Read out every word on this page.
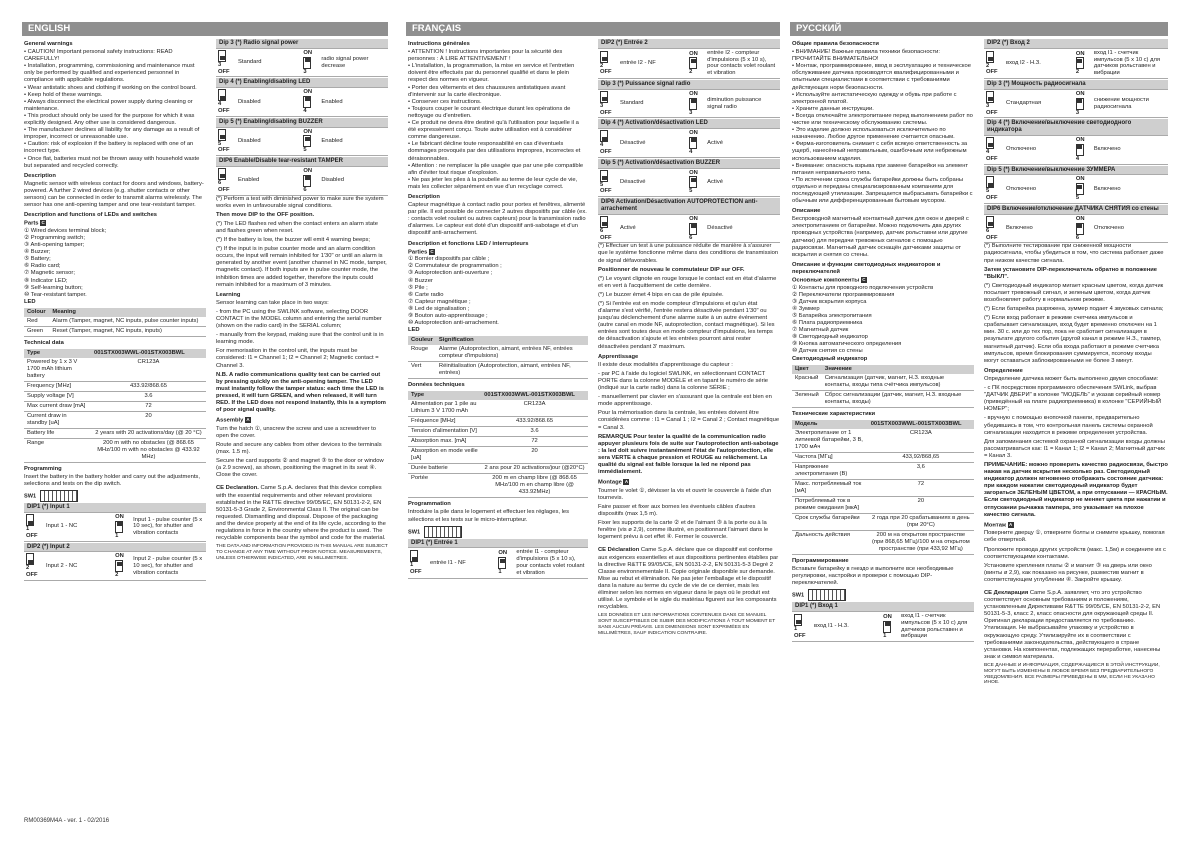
ENGLISH
General warnings
• CAUTION! Important personal safety instructions: READ CAREFULLY!
• Installation, programming, commissioning and maintenance must only be performed by qualified and experienced personnel in compliance with applicable regulations.
• Wear antistatic shoes and clothing if working on the control board.
• Keep hold of these warnings.
• Always disconnect the electrical power supply during cleaning or maintenance.
• This product should only be used for the purpose for which it was explicitly designed. Any other use is considered dangerous.
• The manufacturer declines all liability for any damage as a result of improper, incorrect or unreasonable use.
• Caution: risk of explosion if the battery is replaced with one of an incorrect type.
• Once flat, batteries must not be thrown away with household waste but separated and recycled correctly.
Description
Magnetic sensor with wireless contact for doors and windows, battery-powered. A further 2 wired devices (e.g. shutter contacts or other sensors) can be connected in order to transmit alarms wirelessly. The sensor has one anti-opening tamper and one tear-resistant tamper.
Description and functions of LEDs and switches
Parts C
① Wired devices terminal block;
② Programming switch;
③ Anti-opening tamper;
④ Buzzer;
⑤ Battery;
⑥ Radio card;
⑦ Magnetic sensor;
⑧ Indicator LED;
⑨ Self-learning button;
⑩ Tear-resistant tamper.
LED
Colour	Meaning
Red	Alarm (Tamper, magnet, NC inputs, pulse counter inputs)
Green	Reset (Tamper, magnet, NC inputs, inputs)
Technical data
Type	001STX003WWL-001STX003BWL
Powered by 1 x 3 V 1700 mAh lithium battery	CR123A
Frequency [MHz]	433.92/868.65
Supply voltage [V]	3.6
Max current draw [mA]	72
Current draw in standby [uA]	20
Battery life	2 years with 20 activations/day (@ 20 °C)
Range	200 m with no obstacles (@ 868.65 MHz/100 m with no obstacles @ 433.92 MHz)
Programming
Insert the battery in the battery holder and carry out the adjustments, selections and tests on the dip switch.
SW1
DIP1 (*) Input 1

1 OFF	Input 1 - NC	ON

1	Input 1 - pulse counter (5 x 10 sec), for shutter and vibration contacts
DIP2 (*) Input 2

2 OFF	Input 2 - NC	ON

2	Input 2 - pulse counter (5 x 10 sec), for shutter and vibration contacts
Dip 3 (*) Radio signal power

3 OFF	Standard	ON

3	radio signal power decrease
Dip 4 (*) Enabling/disabling LED

4 OFF	Disabled	ON

4	Enabled
Dip 5 (*) Enabling/disabling BUZZER

5 OFF	Disabled	ON

5	Enabled
DIP6 Enable/Disable tear-resistant TAMPER

6 OFF	Enabled	ON

6	Disabled
(*) Perform a test with diminished power to make sure the system works even in unfavourable signal conditions.
Then move DIP to the OFF position.
(*) The LED flashes red when the contact enters an alarm state and flashes green when reset.
(*) If the battery is low, the buzzer will emit 4 warning beeps;
(*) If the input is in pulse counter mode and an alarm condition occurs, the input will remain inhibited for 1'30" or until an alarm is generated by another event (another channel in NC mode, tamper, magnetic contact). If both inputs are in pulse counter mode, the inhibition times are added together, therefore the inputs could remain inhibited for a maximum of 3 minutes.
Learning
Sensor learning can take place in two ways:
- from the PC using the SWLINK software, selecting DOOR CONTACT in the MODEL column and entering the serial number (shown on the radio card) in the SERIAL column;
- manually from the keypad, making sure that the control unit is in learning mode.
For memorisation in the control unit, the inputs must be considered: I1 = Channel 1; I2 = Channel 2; Magnetic contact = Channel 3.
N.B. A radio communications quality test can be carried out by pressing quickly on the anti-opening tamper. The LED must instantly follow the tamper status: each time the LED is pressed, it will turn GREEN, and when released, it will turn RED. If the LED does not respond instantly, this is a symptom of poor signal quality.
Assembly A
Turn the hatch ①, unscrew the screw and use a screwdriver to open the cover.
Route and secure any cables from other devices to the terminals (max. 1.5 m).
Secure the card supports ② and magnet ③ to the door or window (a 2.9 screws), as shown, positioning the magnet in its seat ④. Close the cover.
CE Declaration. Came S.p.A. declares that this device complies with the essential requirements and other relevant provisions established in the R&TTE directive 99/05/EC, EN 50131-2-2, EN 50131-5-3 Grade 2, Environmental Class II. The original can be requested. Dismantling and disposal. Dispose of the packaging and the device properly at the end of its life cycle, according to the regulations in force in the country where the product is used. The recyclable components bear the symbol and code for the material.
THE DATA AND INFORMATION PROVIDED IN THIS MANUAL ARE SUBJECT TO CHANGE AT ANY TIME WITHOUT PRIOR NOTICE. MEASUREMENTS, UNLESS OTHERWISE INDICATED, ARE IN MILLIMETRES.
FRANÇAIS
Instructions générales
• ATTENTION ! Instructions importantes pour la sécurité des personnes : À LIRE ATTENTIVEMENT !
• L'installation, la programmation, la mise en service et l'entretien doivent être effectués par du personnel qualifié et dans le plein respect des normes en vigueur.
• Porter des vêtements et des chaussures antistatiques avant d'intervenir sur la carte électronique.
• Conserver ces instructions.
• Toujours couper le courant électrique durant les opérations de nettoyage ou d'entretien.
• Ce produit ne devra être destiné qu'à l'utilisation pour laquelle il a été expressément conçu. Toute autre utilisation est à considérer comme dangereuse.
• Le fabricant décline toute responsabilité en cas d'éventuels dommages provoqués par des utilisations impropres, incorrectes et déraisonnables.
• Attention : ne remplacer la pile usagée que par une pile compatible afin d'éviter tout risque d'explosion.
• Ne pas jeter les piles à la poubelle au terme de leur cycle de vie, mais les collecter séparément en vue d'un recyclage correct.
Description
Capteur magnétique à contact radio pour portes et fenêtres, alimenté par pile. Il est possible de connecter 2 autres dispositifs par câble (ex. : contacts volet roulant ou autres capteurs) pour la transmission radio d'alarmes. Le capteur est doté d'un dispositif anti-sabotage et d'un dispositif anti-arrachement.
Description et fonctions LED / interrupteurs
Parties C
① Bornier dispositifs par câble ;
② Commutateur de programmation ;
③ Autoprotection anti-ouverture ;
④ Buzzer
⑤ Pile ;
⑥ Carte radio
⑦ Capteur magnétique ;
⑧ Led de signalisation ;
⑨ Bouton auto-apprentissage ;
⑩ Autoprotection anti-arrachement.
LED
Couleur	Signification
Rouge	Alarme (Autoprotection, aimant, entrées NF, entrées compteur d'impulsions)
Vert	Réinitialisation (Autoprotection, aimant, entrées NF, entrées)
Données techniques
Type	001STX003WWL-001STX003BWL
Alimentation par 1 pile au Lithium 3 V 1700 mAh	CR123A
Fréquence [MHz]	433.92/868.65
Tension d'alimentation [V]	3.6
Absorption max. [mA]	72
Absorption en mode veille [uA]	20
Durée batterie	2 ans pour 20 activations/jour (@20°C)
Portée	200 m en champ libre (@ 868.65 MHz/100 m en champ libre (@ 433.92MHz)
Programmation
Introduire la pile dans le logement et effectuer les réglages, les sélections et les tests sur le micro-interrupteur.
SW1
DIP1 (*) Entrée 1

1 OFF	entrée I1 - NF	ON

1	entrée I1 - compteur d'impulsions (5 x 10 s), pour contacts volet roulant et vibration
DIP2 (*) Entrée 2

2 OFF	entrée I2 - NF	ON

2	entrée I2 - compteur d'impulsions (5 x 10 s), pour contacts volet roulant et vibration
Dip 3 (*) Puissance signal radio

3 OFF	Standard	ON

3	diminution puissance signal radio
Dip 4 (*) Activation/désactivation LED

4 OFF	Désactivé	ON

4	Activé
Dip 5 (*) Activation/désactivation BUZZER

5 OFF	Désactivé	ON

5	Activé
DIP6 Activation/Désactivation AUTOPROTECTION anti-arrachement

6 OFF	Activé	ON

6	Désactivé
(*) Effectuer un test à une puissance réduite de manière à s'assurer que le système fonctionne même dans des conditions de transmission de signal défavorables.
Positionner de nouveau le commutateur DIP sur OFF.
(*) Le voyant clignote en rouge lorsque le contact est en état d'alarme et en vert à l'acquittement de cette dernière.
(*) Le buzzer émet 4 bips en cas de pile épuisée.
(*) Si l'entrée est en mode compteur d'impulsions et qu'un état d'alarme s'est vérifié, l'entrée restera désactivée pendant 1'30" ou jusqu'au déclenchement d'une alarme suite à un autre événement (autre canal en mode NF, autoprotection, contact magnétique). Si les entrées sont toutes deux en mode compteur d'impulsions, les temps de désactivation s'ajoute et les entrées pourront ainsi rester désactivées pendant 3' maximum.
Apprentissage
Il existe deux modalités d'apprentissage du capteur :
- par PC à l'aide du logiciel SWLINK, en sélectionnant CONTACT PORTE dans la colonne MODÈLE et en tapant le numéro de série (indiqué sur la carte radio) dans la colonne SÉRIE ;
- manuellement par clavier en s'assurant que la centrale est bien en mode apprentissage.
Pour la mémorisation dans la centrale, les entrées doivent être considérées comme : I1 = Canal 1 ; I2 = Canal 2 ; Contact magnétique = Canal 3.
REMARQUE Pour tester la qualité de la communication radio appuyer plusieurs fois de suite sur l'autoprotection anti-sabotage : la led doit suivre instantanément l'état de l'autoprotection, elle sera VERTE à chaque pression et ROUGE au relâchement. La qualité du signal est faible lorsque la led ne répond pas immédiatement.
Montage A
Tourner le volet ①, dévisser la vis et ouvrir le couvercle à l'aide d'un tournevis.
Faire passer et fixer aux bornes les éventuels câbles d'autres dispositifs (max 1,5 m).
Fixer les supports de la carte ② et de l'aimant ③ à la porte ou à la fenêtre (vis ø 2,9), comme illustré, en positionnant l'aimant dans le logement prévu à cet effet ④. Fermer le couvercle.
CE Déclaration Came S.p.A. déclare que ce dispositif est conforme aux exigences essentielles et aux dispositions pertinentes établies par la directive R&TTE 99/05/CE, EN 50131-2-2, EN 50131-5-3 Degré 2 Classe environnementale II. Copie originale disponible sur demande. Mise au rebut et élimination. Ne pas jeter l'emballage et le dispositif dans la nature au terme du cycle de vie de ce dernier, mais les éliminer selon les normes en vigueur dans le pays où le produit est utilisé. Le symbole et le sigle du matériau figurent sur les composants recyclables.
LES DONNÉES ET LES INFORMATIONS CONTENUES DANS CE MANUEL SONT SUSCEPTIBLES DE SUBIR DES MODIFICATIONS À TOUT MOMENT ET SANS AUCUN PRÉAVIS. LES DIMENSIONS SONT EXPRIMÉES EN MILLIMÈTRES, SAUF INDICATION CONTRAIRE.
РУССКИЙ
Общие правила безопасности
• ВНИМАНИЕ! Важные правила техники безопасности: ПРОЧИТАЙТЕ ВНИМАТЕЛЬНО!
• Монтаж, программирование, ввод в эксплуатацию и техническое обслуживание датчика производятся квалифицированными и опытными специалистами в соответствии с требованиями действующих норм безопасности.
• Используйте антистатическую одежду и обувь при работе с электронной платой.
• Храните данные инструкции.
• Всегда отключайте электропитание перед выполнением работ по чистке или техническому обслуживанию системы.
• Это изделие должно использоваться исключительно по назначению. Любое другое применение считается опасным.
• Фирма-изготовитель снимает с себя всякую ответственность за ущерб, нанесённый неправильным, ошибочным или небрежным использованием изделия.
• Внимание: опасность взрыва при замене батарейки на элемент питания неправильного типа.
• По истечении срока службы батарейки должны быть собраны отдельно и переданы специализированным компаниям для последующей утилизации. Запрещается выбрасывать батарейки с обычным или дифференцированным бытовым мусором.
Описание
Беспроводной магнитный контактный датчик для окон и дверей с электропитанием от батарейки. Можно подключить два других проводных устройства (например, датчик рольставни или другие датчики) для передачи тревожных сигналов с помощью радиосвязи. Магнитный датчик оснащён датчиками защиты от вскрытия и снятия со стены.
Описание и функции светодиодных индикаторов и переключателей
Основные компоненты C
① Контакты для проводного подключения устройств
② Переключатели программирования
③ Датчик вскрытия корпуса
④ Зуммер
⑤ Батарейка электропитания
⑥ Плата радиоприемника
⑦ Магнитный датчик
⑧ Светодиодный индикатор
⑨ Кнопка автоматического определения
⑩ Датчик снятия со стены
Светодиодный индикатор
Цвет	Значение
Красный	Сигнализация (датчик, магнит, Н.З. входные контакты, входы типа счётчика импульсов)
Зеленый	Сброс сигнализации (датчик, магнит, Н.З. входные контакты, входы)
Технические характеристики
Модель	001STX003WWL-001STX003BWL
Электропитание от 1 литиевой батарейки, 3 В, 1700 мАч	CR123A
Частота [МГц]	433,92/868,65
Напряжение электропитания (В)	3,6
Макс. потребляемый ток [мА]	72
Потребляемый ток в режиме ожидания [мкА]	20
Срок службы батарейки	2 года при 20 срабатываниях в день (при 20°C)
Дальность действия	200 м на открытом пространстве (при 868,65 МГц)/100 м на открытом пространстве (при 433,92 МГц)
Программирование
Вставьте батарейку в гнездо и выполните все необходимые регулировки, настройки и проверки с помощью DIP-переключателей.
SW1
DIP1 (*) Вход 1

1 OFF	вход I1 - Н.З.	ON

1	вход I1 - счетчик импульсов (5 x 10 с) для датчиков рольставен и вибрации
DIP2 (*) Вход 2

2 OFF	вход I2 - Н.З.	ON

2	вход I1 - счетчик импульсов (5 x 10 с) для датчиков рольставен и вибрации
Dip 3 (*) Мощность радиосигнала

3 OFF	Стандартная	ON

3	снижение мощности радиосигнала
Dip 4 (*) Включение/выключение светодиодного индикатора

4 OFF	Отключено	ON

4	Включено
Dip 5 (*) Включение/выключение ЗУММЕРА

5 OFF	Отключено	ON

5	Включено
DIP6 Включение/отключение ДАТЧИКА СНЯТИЯ со стены

6 OFF	Включено	ON

6	Отключено
(*) Выполните тестирование при сниженной мощности радиосигнала, чтобы убедиться в том, что система работает даже при низком качестве сигнала.
Затем установите DIP-переключатель обратно в положение "ВЫКЛ".
(*) Светодиодный индикатор мигает красным цветом, когда датчик посылает тревожный сигнал, и зеленым цветом, когда датчик возобновляет работу в нормальном режиме.
(*) Если батарейка разряжена, зуммер подает 4 звуковых сигнала;
(*) Если вход работает в режиме счетчика импульсов и срабатывает сигнализация, вход будет временно отключен на 1 мин. 30 с. или до тех пор, пока не сработает сигнализация в результате другого события (другой канал в режиме Н.З., тампер, магнитный датчик). Если оба входа работают в режиме счетчика импульсов, время блокирования суммируется, поэтому входы могут оставаться заблокированными не более 3 минут.
Определение
Определение датчика может быть выполнено двумя способами:
- с ПК посредством программного обеспечения SWLink, выбрав "ДАТЧИК ДВЕРИ" в колонке "МОДЕЛЬ" и указав серийный номер (приведённый на плате радиоприемника) в колонке "СЕРИЙНЫЙ НОМЕР";
- вручную с помощью кнопочной панели, предварительно убедившись в том, что контрольная панель системы охранной сигнализации находится в режиме определения устройства.
Для запоминания системой охранной сигнализации входы должны рассматриваться как: I1 = Канал 1; I2 = Канал 2; Магнитный датчик = Канал 3.
ПРИМЕЧАНИЕ: можно проверить качество радиосвязи, быстро нажав на датчик вскрытия несколько раз. Светодиодный индикатор должен мгновенно отображать состояние датчика: при каждом нажатии светодиодный индикатор будет загораться ЗЕЛЕНЫМ ЦВЕТОМ, а при отпускании — КРАСНЫМ. Если светодиодный индикатор не меняет цвета при нажатии и отпускании рычажка тампера, это указывает на плохое качество сигнала.
Монтаж A
Поверните дверцу ①, отверните болты и снимите крышку, помогая себе отверткой.
Проложите провода других устройств (макс. 1,5м) и соедините их с соответствующими контактами.
Установите крепления платы ② и магнит ③ на дверь или окно (винты ø 2,9), как показано на рисунке, разместив магнит в соответствующем углублении ④. Закройте крышку.
CE Декларация Came S.p.A. заявляет, что это устройство соответствует основным требованиям и положениям, установленным Директивами R&TTE 99/05/CE, EN 50131-2-2, EN 50131-5-3, класс 2, класс опасности для окружающей среды II. Оригинал декларации предоставляется по требованию. Утилизация. Не выбрасывайте упаковку и устройство в окружающую среду. Утилизируйте их в соответствии с требованиями законодательства, действующего в стране установки. На компонентах, подлежащих переработке, нанесены знак и символ материала.
ВСЕ ДАННЫЕ И ИНФОРМАЦИЯ, СОДЕРЖАЩИЕСЯ В ЭТОЙ ИНСТРУКЦИИ, МОГУТ БЫТЬ ИЗМЕНЕНЫ В ЛЮБОЕ ВРЕМЯ БЕЗ ПРЕДВАРИТЕЛЬНОГО УВЕДОМЛЕНИЯ. ВСЕ РАЗМЕРЫ ПРИВЕДЕНЫ В ММ, ЕСЛИ НЕ УКАЗАНО ИНОЕ.
RM00369M4A - ver. 1 - 02/2016
